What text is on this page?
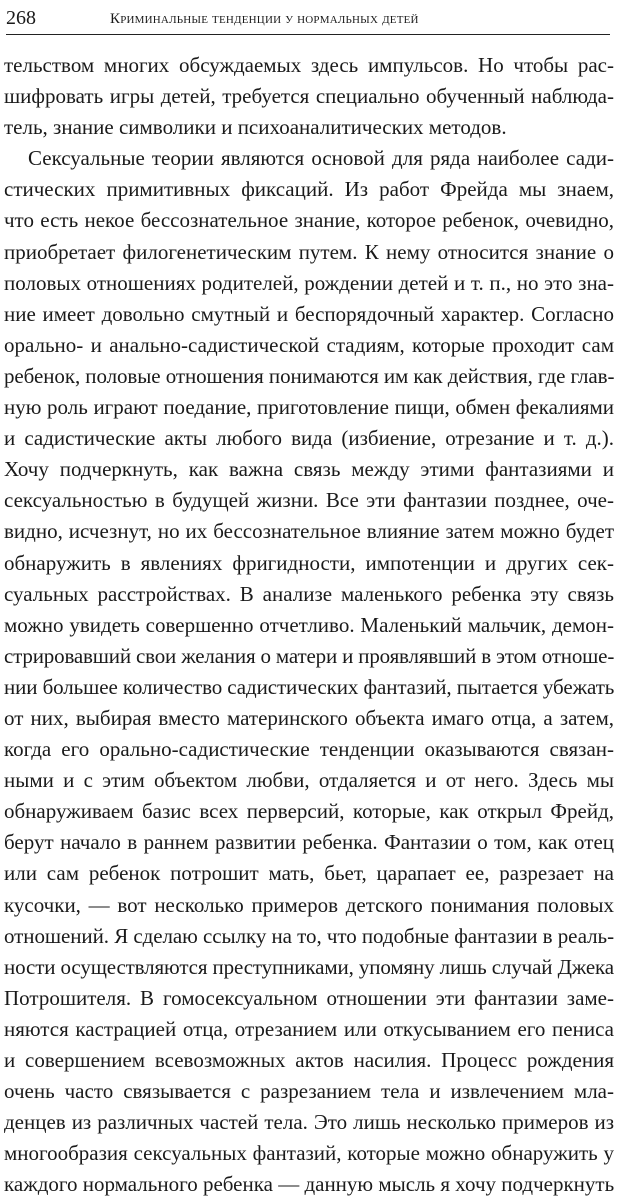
268	Криминальные тенденции у нормальных детей
тельством многих обсуждаемых здесь импульсов. Но чтобы рас-
шифровать игры детей, требуется специально обученный наблюда-
тель, знание символики и психоаналитических методов.
Сексуальные теории являются основой для ряда наиболее сади-
стических примитивных фиксаций. Из работ Фрейда мы знаем,
что есть некое бессознательное знание, которое ребенок, очевидно,
приобретает филогенетическим путем. К нему относится знание о
половых отношениях родителей, рождении детей и т. п., но это зна-
ние имеет довольно смутный и беспорядочный характер. Согласно
орально- и анально-садистической стадиям, которые проходит сам
ребенок, половые отношения понимаются им как действия, где глав-
ную роль играют поедание, приготовление пищи, обмен фекалиями
и садистические акты любого вида (избиение, отрезание и т. д.).
Хочу подчеркнуть, как важна связь между этими фантазиями и
сексуальностью в будущей жизни. Все эти фантазии позднее, оче-
видно, исчезнут, но их бессознательное влияние затем можно будет
обнаружить в явлениях фригидности, импотенции и других сек-
суальных расстройствах. В анализе маленького ребенка эту связь
можно увидеть совершенно отчетливо. Маленький мальчик, демон-
стрировавший свои желания о матери и проявлявший в этом отноше-
нии большее количество садистических фантазий, пытается убежать
от них, выбирая вместо материнского объекта имаго отца, а затем,
когда его орально-садистические тенденции оказываются связан-
ными и с этим объектом любви, отдаляется и от него. Здесь мы
обнаруживаем базис всех перверсий, которые, как открыл Фрейд,
берут начало в раннем развитии ребенка. Фантазии о том, как отец
или сам ребенок потрошит мать, бьет, царапает ее, разрезает на
кусочки, — вот несколько примеров детского понимания половых
отношений. Я сделаю ссылку на то, что подобные фантазии в реаль-
ности осуществляются преступниками, упомяну лишь случай Джека
Потрошителя. В гомосексуальном отношении эти фантазии заме-
няются кастрацией отца, отрезанием или откусыванием его пениса
и совершением всевозможных актов насилия. Процесс рождения
очень часто связывается с разрезанием тела и извлечением мла-
денцев из различных частей тела. Это лишь несколько примеров из
многообразия сексуальных фантазий, которые можно обнаружить у
каждого нормального ребенка — данную мысль я хочу подчеркнуть
